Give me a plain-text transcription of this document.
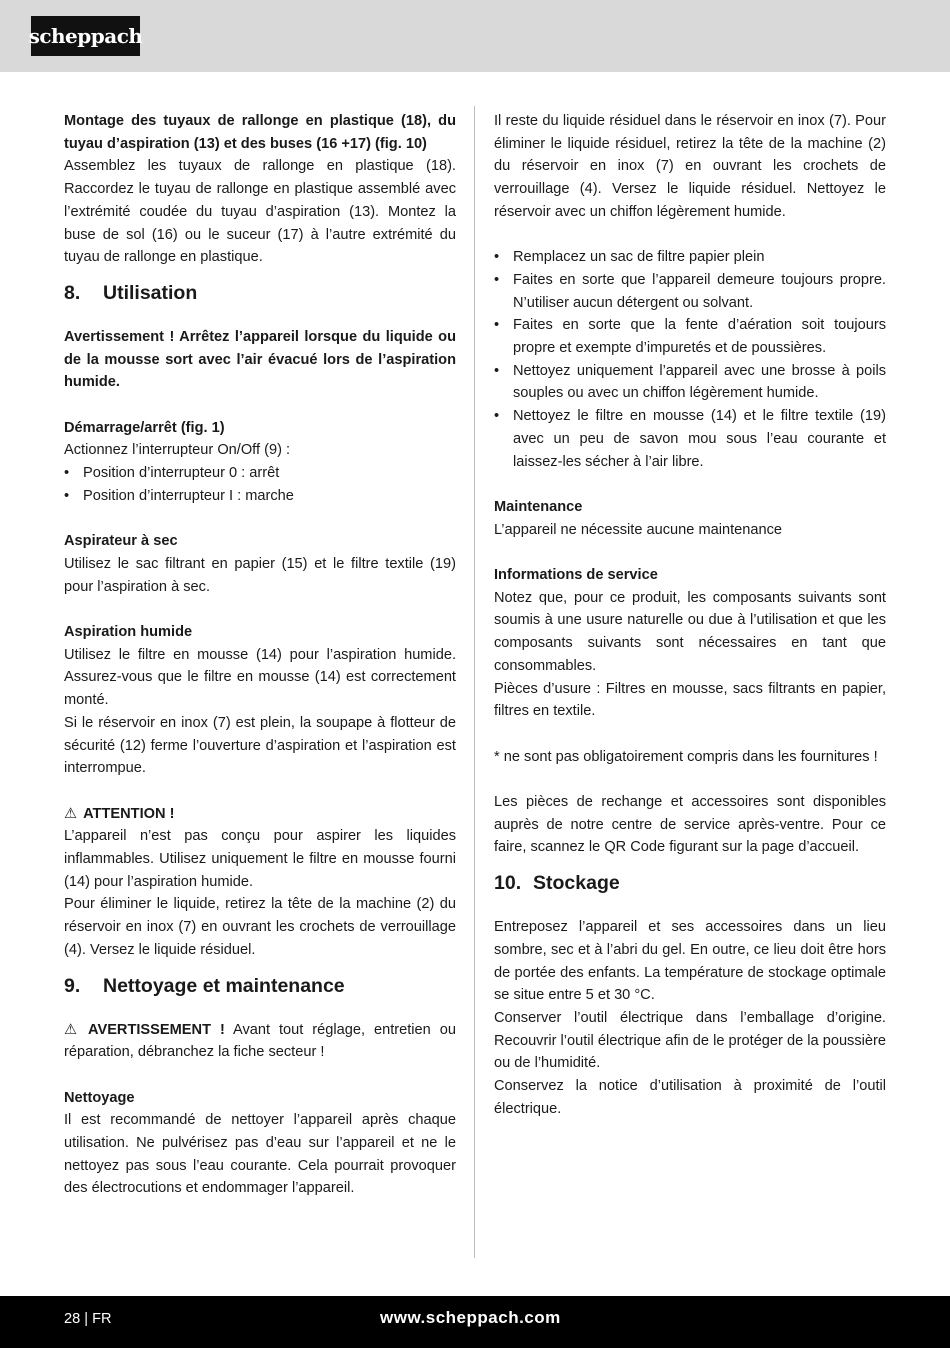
scheppach

Montage des tuyaux de rallonge en plastique (18), du tuyau d’aspiration (13) et des buses (16 +17) (fig. 10)

Assemblez les tuyaux de rallonge en plastique (18). Raccordez le tuyau de rallonge en plastique assemblé avec l’extrémité coudée du tuyau d’aspiration (13). Montez la buse de sol (16) ou le suceur (17) à l’autre extrémité du tuyau de rallonge en plastique.

8.	Utilisation

Avertissement ! Arrêtez l’appareil lorsque du liquide ou de la mousse sort avec l’air évacué lors de l’aspiration humide.

Démarrage/arrêt (fig. 1)

Actionnez l’interrupteur On/Off (9) :

• Position d’interrupteur 0 : arrêt
• Position d’interrupteur I : marche

Aspirateur à sec

Utilisez le sac filtrant en papier (15) et le filtre textile (19) pour l’aspiration à sec.

Aspiration humide

Utilisez le filtre en mousse (14) pour l’aspiration humide. Assurez-vous que le filtre en mousse (14) est correctement monté.

Si le réservoir en inox (7) est plein, la soupape à flotteur de sécurité (12) ferme l’ouverture d’aspiration et l’aspiration est interrompue.

⚠ ATTENTION !

L’appareil n’est pas conçu pour aspirer les liquides inflammables. Utilisez uniquement le filtre en mousse fourni (14) pour l’aspiration humide.

Pour éliminer le liquide, retirez la tête de la machine (2) du réservoir en inox (7) en ouvrant les crochets de verrouillage (4). Versez le liquide résiduel.

9.	Nettoyage et maintenance

⚠ AVERTISSEMENT ! Avant tout réglage, entretien ou réparation, débranchez la fiche secteur !

Nettoyage

Il est recommandé de nettoyer l’appareil après chaque utilisation. Ne pulvérisez pas d’eau sur l’appareil et ne le nettoyez pas sous l’eau courante. Cela pourrait provoquer des électrocutions et endommager l’appareil.

Il reste du liquide résiduel dans le réservoir en inox (7). Pour éliminer le liquide résiduel, retirez la tête de la machine (2) du réservoir en inox (7) en ouvrant les crochets de verrouillage (4). Versez le liquide résiduel. Nettoyez le réservoir avec un chiffon légèrement humide.

• Remplacez un sac de filtre papier plein
• Faites en sorte que l’appareil demeure toujours propre. N’utiliser aucun détergent ou solvant.
• Faites en sorte que la fente d’aération soit toujours propre et exempte d’impuretés et de poussières.
• Nettoyez uniquement l’appareil avec une brosse à poils souples ou avec un chiffon légèrement humide.
• Nettoyez le filtre en mousse (14) et le filtre textile (19) avec un peu de savon mou sous l’eau courante et laissez-les sécher à l’air libre.

Maintenance

L’appareil ne nécessite aucune maintenance

Informations de service

Notez que, pour ce produit, les composants suivants sont soumis à une usure naturelle ou due à l’utilisation et que les composants suivants sont nécessaires en tant que consommables.

Pièces d’usure : Filtres en mousse, sacs filtrants en papier, filtres en textile.

* ne sont pas obligatoirement compris dans les fournitures !

Les pièces de rechange et accessoires sont disponibles auprès de notre centre de service après-ventre. Pour ce faire, scannez le QR Code figurant sur la page d’accueil.

10. Stockage

Entreposez l’appareil et ses accessoires dans un lieu sombre, sec et à l’abri du gel. En outre, ce lieu doit être hors de portée des enfants. La température de stockage optimale se situe entre 5 et 30 °C.

Conserver l’outil électrique dans l’emballage d’origine. Recouvrir l’outil électrique afin de le protéger de la poussière ou de l’humidité.

Conservez la notice d’utilisation à proximité de l’outil électrique.

28 | FR	www.scheppach.com
